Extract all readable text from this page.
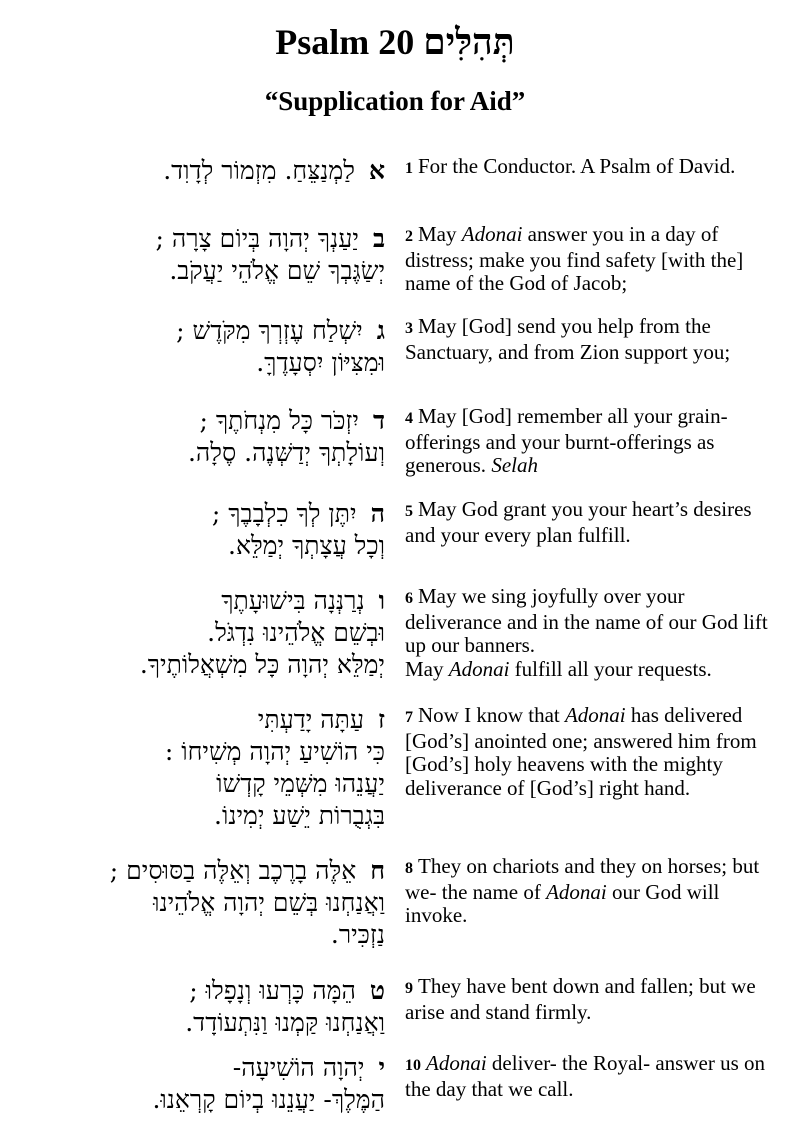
Psalm 20 תְּהִלִּים
“Supplication for Aid”
אלַמְנַצֵּחַ. מִזְמוֹר לְדָוִד.	1 For the Conductor. A Psalm of David.
ביַעַנְךָ יְהוָה בְּיוֹם צָרָה ;
יְשַׂגֶּבְךָ שֵׁם אֱלֹהֵי יַעֲקֹב.
2 May Adonai answer you in a day of distress; make you find safety [with the] name of the God of Jacob;
גיִשְׁלַח עֶזְרְךָ מִקֹּדֶשׁ ;
וּמִצִּיּוֹן יִסְעָדֶךָּ.
3 May [God] send you help from the Sanctuary, and from Zion support you;
דיִזְכֹּר כָּל מִנְחֹתֶךָ ;
וְעוֹלָתְךָ יְדַשְּׁנֶה. סֶלָה.
4 May [God] remember all your grain-offerings and your burnt-offerings as generous. Selah
היִתֶּן לְךָ כִלְבָבֶךָ ;
וְכָל עֲצָתְךָ יְמַלֵּא.
5 May God grant you your heart’s desires and your every plan fulfill.
ונְרַנְּנָה בִּישׁוּעָתֶךָ
וּבְשֵׁם אֱלֹהֵינוּ נִדְגֹּל.
יְמַלֵּא יְהוָה כָּל מִשְׁאֲלוֹתֶיךָ.
6 May we sing joyfully over your deliverance and in the name of our God lift up our banners.
May Adonai fulfill all your requests.
זעַתָּה יָדַעְתִּי
כִּי הוֹשִׁיעַ יְהוָה מְשִׁיחוֹ :
יַעֲנֵהוּ מִשְּׁמֵי קָדְשׁוֹ
בִּגְבֻרוֹת יֵשַׁע יְמִינוֹ.
7 Now I know that Adonai has delivered [God’s] anointed one; answered him from [God’s] holy heavens with the mighty deliverance of [God’s] right hand.
חאֵלֶּה בָרֶכֶב וְאֵלֶּה בַסּוּסִים ;
וַאֲנַחְנוּ בְּשֵׁם יְהוָה אֱלֹהֵינוּ
נַזְכִּיר.
8 They on chariots and they on horses; but we- the name of Adonai our God will invoke.
טהֵמָּה כָּרְעוּ וְנָפָלוּ ;
וַאֲנַחְנוּ קַּמְנוּ וַנִּתְעוֹדָד.
9 They have bent down and fallen; but we arise and stand firmly.
ייְהוָה הוֹשִׁיעָה-
הַמֶּלֶךְ- יַעֲנֵנוּ בְיוֹם קָרְאֵנוּ.
10 Adonai deliver- the Royal- answer us on the day that we call.
